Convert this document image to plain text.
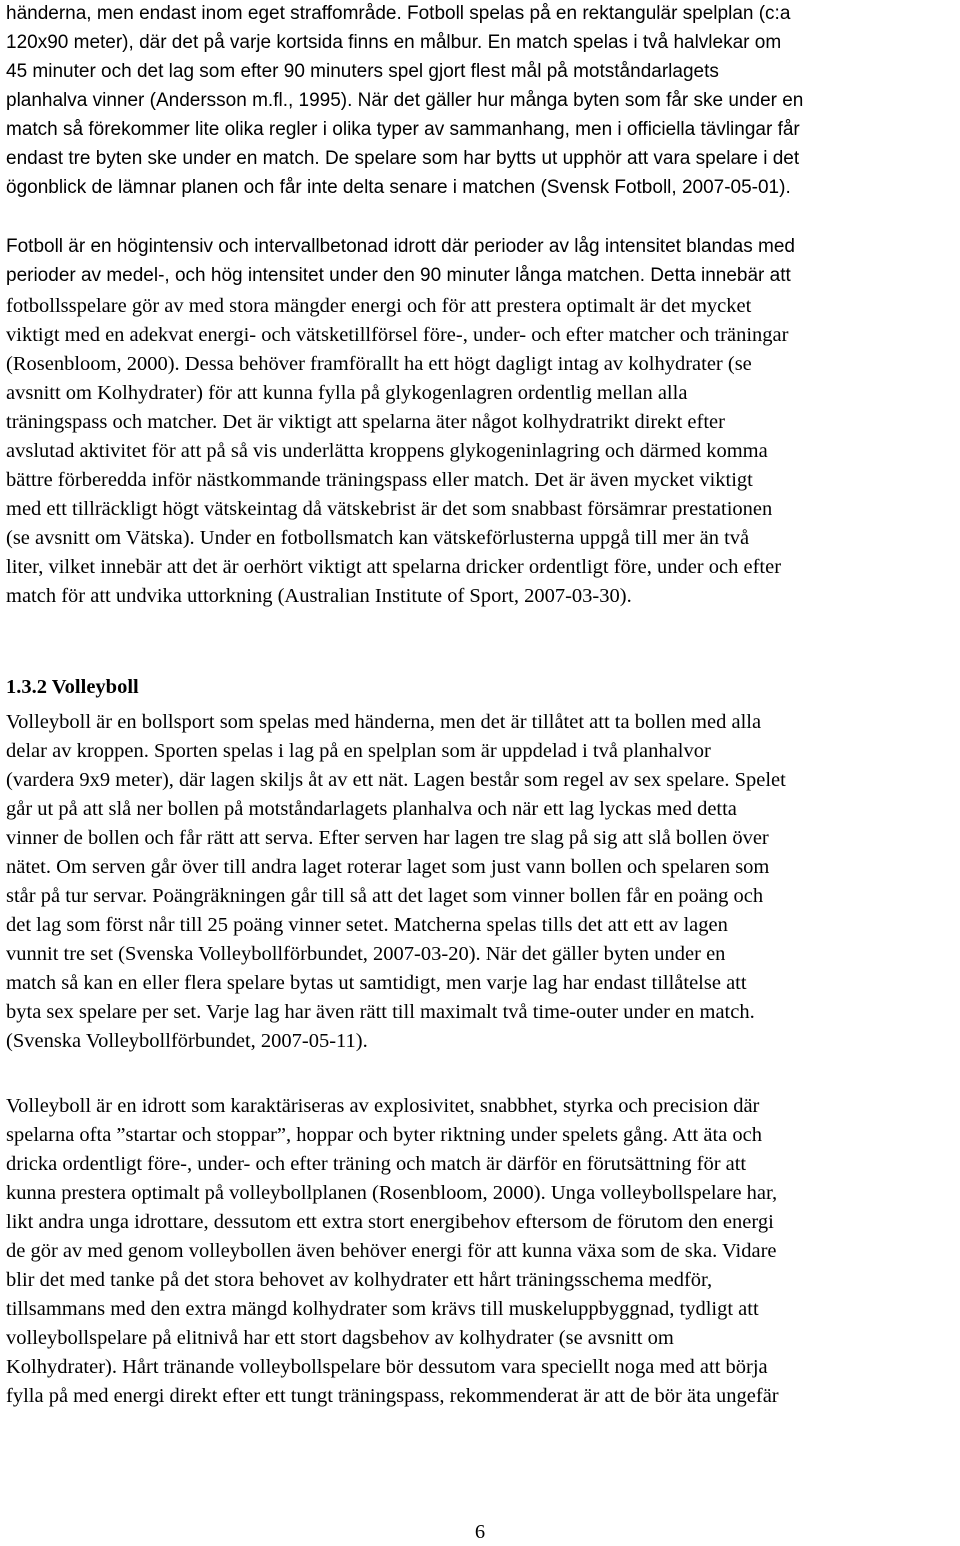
händerna, men endast inom eget straffområde. Fotboll spelas på en rektangulär spelplan (c:a

120x90 meter), där det på varje kortsida finns en målbur. En match spelas i två halvlekar om

45 minuter och det lag som efter 90 minuters spel gjort flest mål på motståndarlagets

planhalva vinner (Andersson m.fl., 1995). När det gäller hur många byten som får ske under en

match så förekommer lite olika regler i olika typer av sammanhang, men i officiella tävlingar får

endast tre byten ske under en match. De spelare som har bytts ut upphör att vara spelare i det

ögonblick de lämnar planen och får inte delta senare i matchen (Svensk Fotboll, 2007-05-01).

Fotboll är en högintensiv och intervallbetonad idrott där perioder av låg intensitet blandas med

perioder av medel-, och hög intensitet under den 90 minuter långa matchen. Detta innebär att

fotbollsspelare gör av med stora mängder energi och för att prestera optimalt är det mycket

viktigt med en adekvat energi- och vätsketillförsel före-, under- och efter matcher och träningar

(Rosenbloom, 2000). Dessa behöver framförallt ha ett högt dagligt intag av kolhydrater (se

avsnitt om Kolhydrater) för att kunna fylla på glykogenlagren ordentlig mellan alla

träningspass och matcher. Det är viktigt att spelarna äter något kolhydratrikt direkt efter

avslutad aktivitet för att på så vis underlätta kroppens glykogeninlagring och därmed komma

bättre förberedda inför nästkommande träningspass eller match. Det är även mycket viktigt

med ett tillräckligt högt vätskeintag då vätskebrist är det som snabbast försämrar prestationen

(se avsnitt om Vätska). Under en fotbollsmatch kan vätskeförlusterna uppgå till mer än två

liter, vilket innebär att det är oerhört viktigt att spelarna dricker ordentligt före, under och efter

match för att undvika uttorkning (Australian Institute of Sport, 2007-03-30).

1.3.2 Volleyboll

Volleyboll är en bollsport som spelas med händerna, men det är tillåtet att ta bollen med alla

delar av kroppen. Sporten spelas i lag på en spelplan som är uppdelad i två planhalvor

(vardera 9x9 meter), där lagen skiljs åt av ett nät. Lagen består som regel av sex spelare. Spelet

går ut på att slå ner bollen på motståndarlagets planhalva och när ett lag lyckas med detta

vinner de bollen och får rätt att serva. Efter serven har lagen tre slag på sig att slå bollen över

nätet. Om serven går över till andra laget roterar laget som just vann bollen och spelaren som

står på tur servar. Poängräkningen går till så att det laget som vinner bollen får en poäng och

det lag som först når till 25 poäng vinner setet. Matcherna spelas tills det att ett av lagen

vunnit tre set (Svenska Volleybollförbundet, 2007-03-20). När det gäller byten under en

match så kan en eller flera spelare bytas ut samtidigt, men varje lag har endast tillåtelse att

byta sex spelare per set. Varje lag har även rätt till maximalt två time-outer under en match.

(Svenska Volleybollförbundet, 2007-05-11).

Volleyboll är en idrott som karaktäriseras av explosivitet, snabbhet, styrka och precision där

spelarna ofta ”startar och stoppar”, hoppar och byter riktning under spelets gång. Att äta och

dricka ordentligt före-, under- och efter träning och match är därför en förutsättning för att

kunna prestera optimalt på volleybollplanen (Rosenbloom, 2000). Unga volleybollspelare har,

likt andra unga idrottare, dessutom ett extra stort energibehov eftersom de förutom den energi

de gör av med genom volleybollen även behöver energi för att kunna växa som de ska. Vidare

blir det med tanke på det stora behovet av kolhydrater ett hårt träningsschema medför,

tillsammans med den extra mängd kolhydrater som krävs till muskeluppbyggnad, tydligt att

volleybollspelare på elitnivå har ett stort dagsbehov av kolhydrater (se avsnitt om

Kolhydrater). Hårt tränande volleybollspelare bör dessutom vara speciellt noga med att börja

fylla på med energi direkt efter ett tungt träningspass, rekommenderat är att de bör äta ungefär

6
